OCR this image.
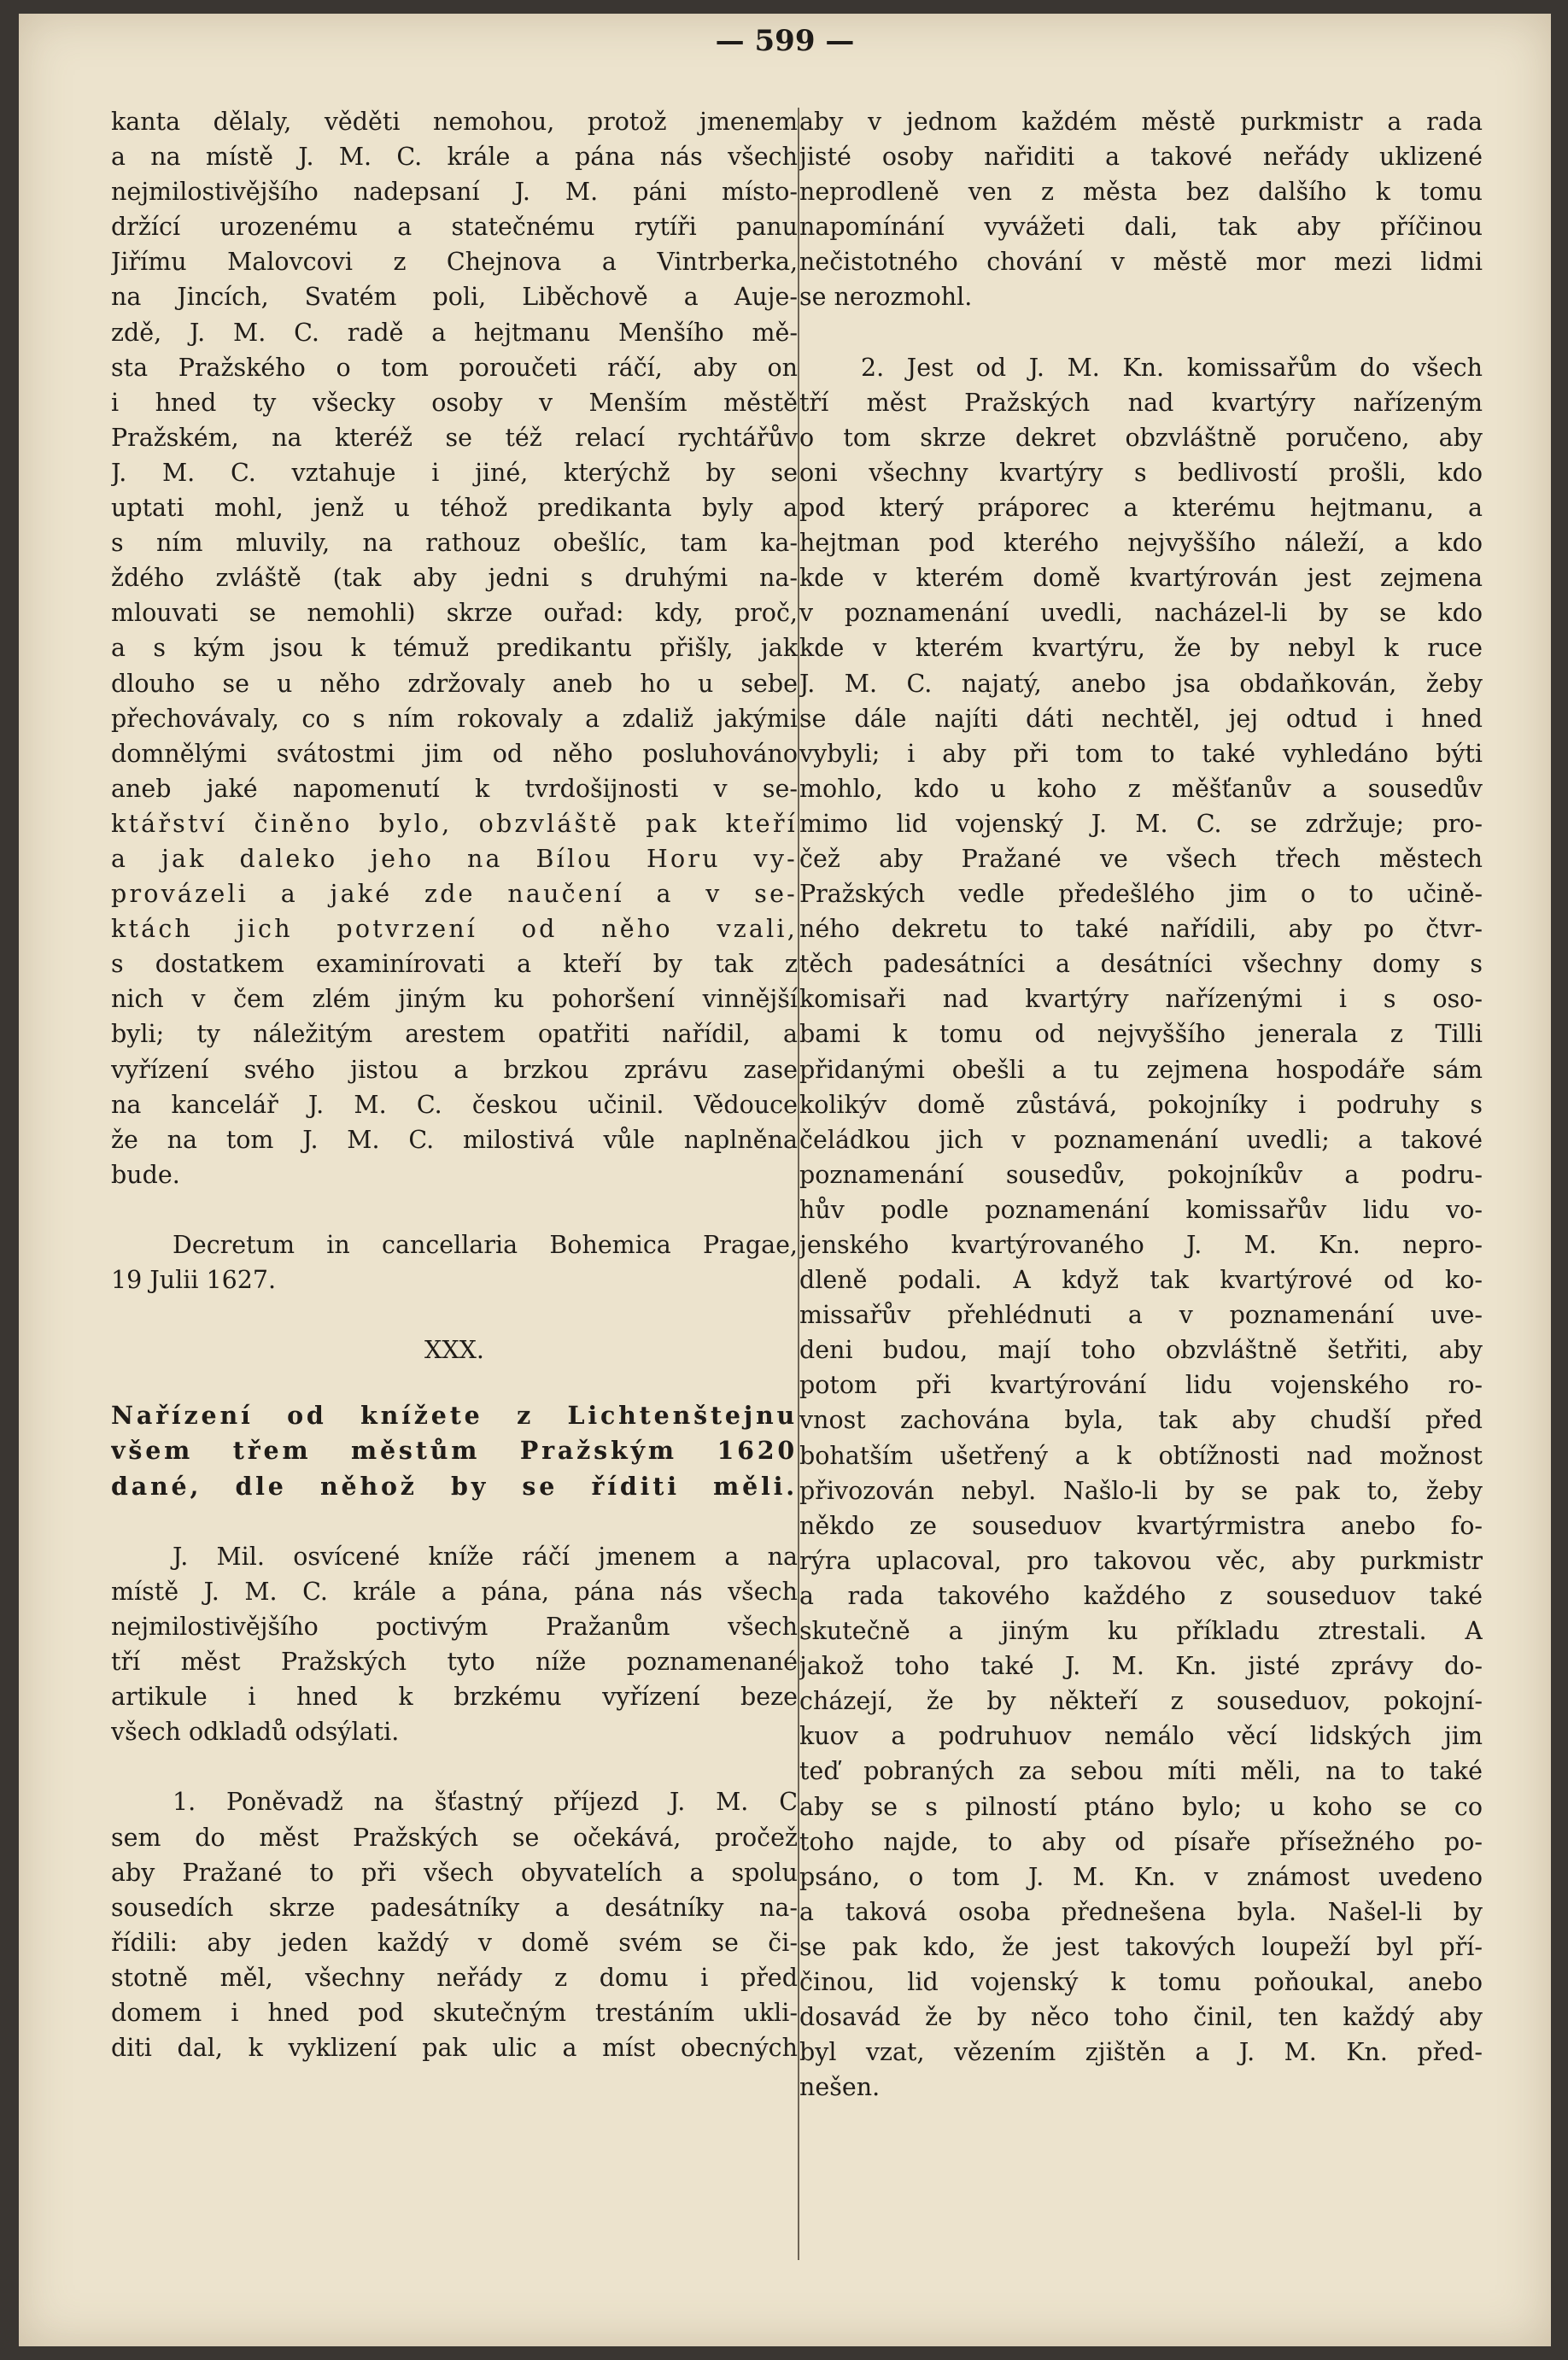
— 599 —
kanta dělaly, věděti nemohou, protož jmenem
a na místě J. M. C. krále a pána nás všech
nejmilostivějšího nadepsaní J. M. páni místo-
držící urozenému a statečnému rytíři panu
Jiřímu Malovcovi z Chejnova a Vintrberka,
na Jincích, Svatém poli, Liběchově a Auje-
zdě, J. M. C. radě a hejtmanu Menšího mě-
sta Pražského o tom poroučeti ráčí, aby on
i hned ty všecky osoby v Menším městě
Pražském, na kteréž se též relací rychtářův
J. M. C. vztahuje i jiné, kterýchž by se
uptati mohl, jenž u téhož predikanta byly a
s ním mluvily, na rathouz obešlíc, tam ka-
ždého zvláště (tak aby jedni s druhými na-
mlouvati se nemohli) skrze ouřad: kdy, proč,
a s kým jsou k témuž predikantu přišly, jak
dlouho se u něho zdržovaly aneb ho u sebe
přechovávaly, co s ním rokovaly a zdaliž jakými
domnělými svátostmi jim od něho posluhováno
aneb jaké napomenutí k tvrdošijnosti v se-
ktářství činěno bylo, obzvláště pak kteří
a jak daleko jeho na Bílou Horu vy-
provázeli a jaké zde naučení a v se-
ktách jich potvrzení od něho vzali,
s dostatkem examinírovati a kteří by tak z
nich v čem zlém jiným ku pohoršení vinnější
byli; ty náležitým arestem opatřiti nařídil, a
vyřízení svého jistou a brzkou zprávu zase
na kancelář J. M. C. českou učinil. Vědouce
že na tom J. M. C. milostivá vůle naplněna
bude.
Decretum in cancellaria Bohemica Pragae,
19 Julii 1627.
XXX.
Nařízení od knížete z Lichtenštejnu
všem třem městům Pražským 1620
dané, dle něhož by se říditi měli.
J. Mil. osvícené kníže ráčí jmenem a na
místě J. M. C. krále a pána, pána nás všech
nejmilostivějšího poctivým Pražanům všech
tří měst Pražských tyto níže poznamenané
artikule i hned k brzkému vyřízení beze
všech odkladů odsýlati.
1. Poněvadž na šťastný příjezd J. M. C
sem do měst Pražských se očekává, pročež
aby Pražané to při všech obyvatelích a spolu
sousedích skrze padesátníky a desátníky na-
řídili: aby jeden každý v domě svém se či-
stotně měl, všechny neřády z domu i před
domem i hned pod skutečným trestáním ukli-
diti dal, k vyklizení pak ulic a míst obecných
aby v jednom každém městě purkmistr a rada
jisté osoby nařiditi a takové neřády uklizené
neprodleně ven z města bez dalšího k tomu
napomínání vyvážeti dali, tak aby příčinou
nečistotného chování v městě mor mezi lidmi
se nerozmohl.
2. Jest od J. M. Kn. komissařům do všech
tří měst Pražských nad kvartýry nařízeným
o tom skrze dekret obzvláštně poručeno, aby
oni všechny kvartýry s bedlivostí prošli, kdo
pod který práporec a kterému hejtmanu, a
hejtman pod kterého nejvyššího náleží, a kdo
kde v kterém domě kvartýrován jest zejmena
v poznamenání uvedli, nacházel-li by se kdo
kde v kterém kvartýru, že by nebyl k ruce
J. M. C. najatý, anebo jsa obdaňkován, žeby
se dále najíti dáti nechtěl, jej odtud i hned
vybyli; i aby při tom to také vyhledáno býti
mohlo, kdo u koho z měšťanův a sousedův
mimo lid vojenský J. M. C. se zdržuje; pro-
čež aby Pražané ve všech třech městech
Pražských vedle předešlého jim o to učině-
ného dekretu to také nařídili, aby po čtvr-
těch padesátníci a desátníci všechny domy s
komisaři nad kvartýry nařízenými i s oso-
bami k tomu od nejvyššího jenerala z Tilli
přidanými obešli a tu zejmena hospodáře sám
kolikýv domě zůstává, pokojníky i podruhy s
čeládkou jich v poznamenání uvedli; a takové
poznamenání sousedův, pokojníkův a podru-
hův podle poznamenání komissařův lidu vo-
jenského kvartýrovaného J. M. Kn. nepro-
dleně podali. A když tak kvartýrové od ko-
missařův přehlédnuti a v poznamenání uve-
deni budou, mají toho obzvláštně šetřiti, aby
potom při kvartýrování lidu vojenského ro-
vnost zachována byla, tak aby chudší před
bohatším ušetřený a k obtížnosti nad možnost
přivozován nebyl. Našlo-li by se pak to, žeby
někdo ze souseduov kvartýrmistra anebo fo-
rýra uplacoval, pro takovou věc, aby purkmistr
a rada takového každého z souseduov také
skutečně a jiným ku příkladu ztrestali. A
jakož toho také J. M. Kn. jisté zprávy do-
cházejí, že by někteří z souseduov, pokojní-
kuov a podruhuov nemálo věcí lidských jim
teď pobraných za sebou míti měli, na to také
aby se s pilností ptáno bylo; u koho se co
toho najde, to aby od písaře přísežného po-
psáno, o tom J. M. Kn. v známost uvedeno
a taková osoba přednešena byla. Našel-li by
se pak kdo, že jest takových loupeží byl pří-
činou, lid vojenský k tomu poňoukal, anebo
dosavád že by něco toho činil, ten každý aby
byl vzat, vězením zjištěn a J. M. Kn. před-
nešen.
